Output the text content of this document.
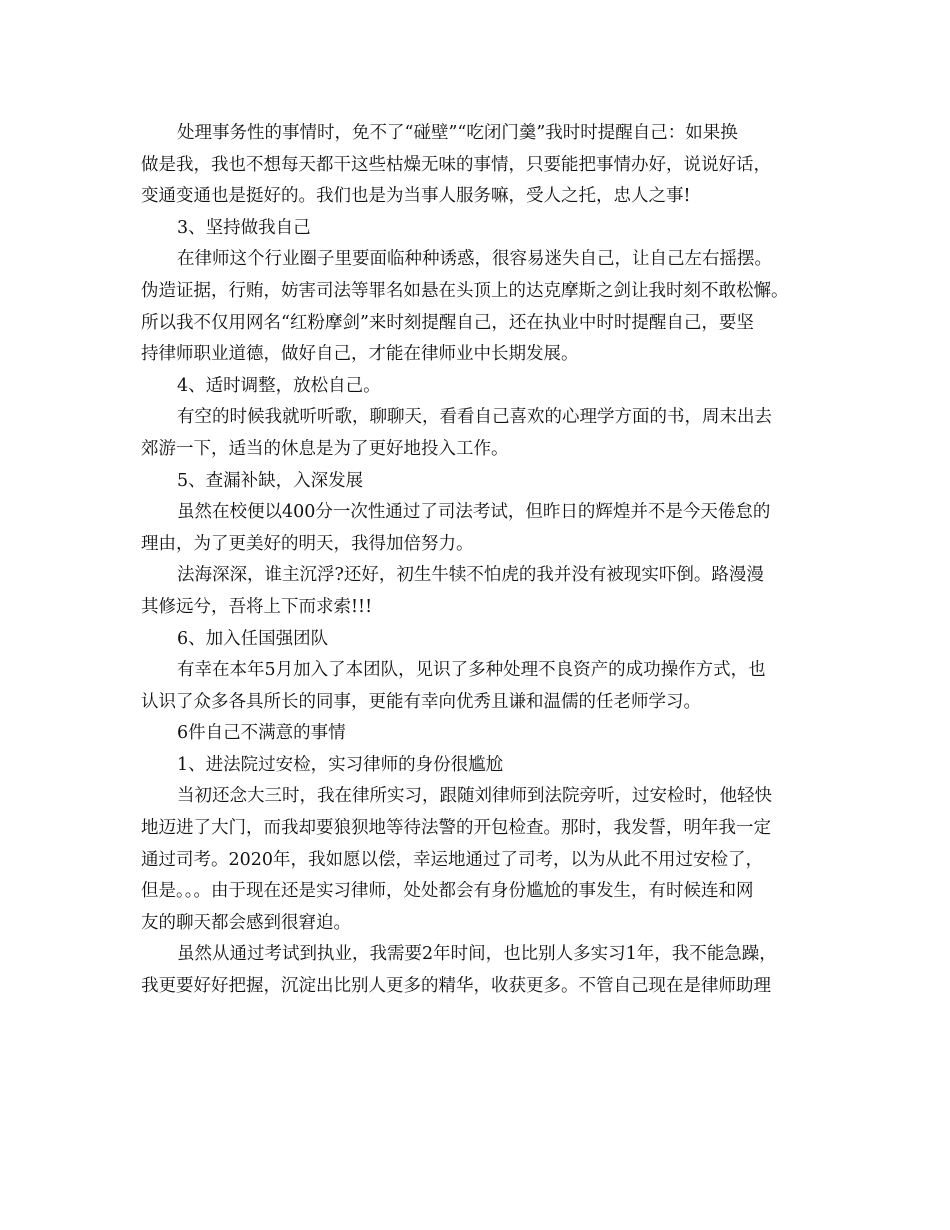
处理事务性的事情时，免不了“碰壁”“吃闭门羹”我时时提醒自己：如果换
做是我，我也不想每天都干这些枯燥无味的事情，只要能把事情办好，说说好话，
变通变通也是挺好的。我们也是为当事人服务嘛，受人之托，忠人之事!
3、坚持做我自己
在律师这个行业圈子里要面临种种诱惑，很容易迷失自己，让自己左右摇摆。
伪造证据，行贿，妨害司法等罪名如悬在头顶上的达克摩斯之剑让我时刻不敢松懈。
所以我不仅用网名“红粉摩剑”来时刻提醒自己，还在执业中时时提醒自己，要坚
持律师职业道德，做好自己，才能在律师业中长期发展。
4、适时调整，放松自己。
有空的时候我就听听歌，聊聊天，看看自己喜欢的心理学方面的书，周末出去
郊游一下，适当的休息是为了更好地投入工作。
5、查漏补缺，入深发展
虽然在校便以400分一次性通过了司法考试，但昨日的辉煌并不是今天倦怠的
理由，为了更美好的明天，我得加倍努力。
法海深深，谁主沉浮?还好，初生牛犊不怕虎的我并没有被现实吓倒。路漫漫
其修远兮，吾将上下而求索!!!
6、加入任国强团队
有幸在本年5月加入了本团队，见识了多种处理不良资产的成功操作方式，也
认识了众多各具所长的同事，更能有幸向优秀且谦和温儒的任老师学习。
6件自己不满意的事情
1、进法院过安检，实习律师的身份很尴尬
当初还念大三时，我在律所实习，跟随刘律师到法院旁听，过安检时，他轻快
地迈进了大门，而我却要狼狈地等待法警的开包检查。那时，我发誓，明年我一定
通过司考。2020年，我如愿以偿，幸运地通过了司考，以为从此不用过安检了，
但是。。。由于现在还是实习律师，处处都会有身份尴尬的事发生，有时候连和网
友的聊天都会感到很窘迫。
虽然从通过考试到执业，我需要2年时间，也比别人多实习1年，我不能急躁，
我更要好好把握，沉淀出比别人更多的精华，收获更多。不管自己现在是律师助理
